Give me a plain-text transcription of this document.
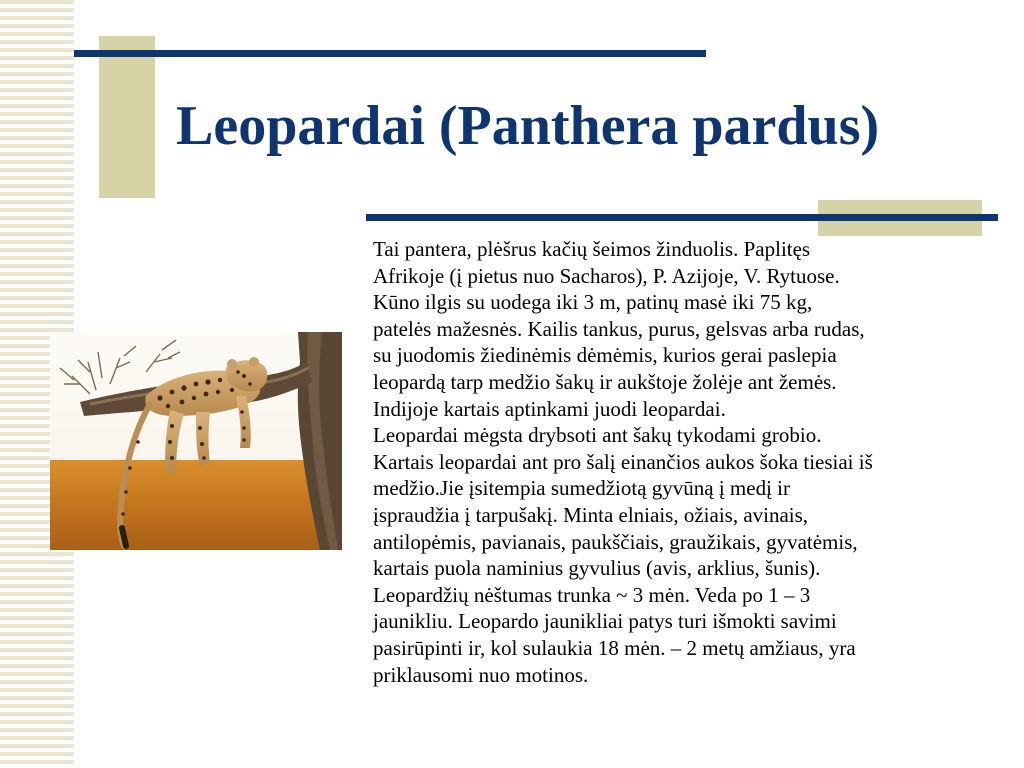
Leopardai (Panthera pardus)
Tai pantera, plėšrus kačių šeimos žinduolis. Paplitęs
Afrikoje (į pietus nuo Sacharos), P. Azijoje, V. Rytuose.
Kūno ilgis su uodega iki 3 m, patinų masė iki 75 kg,
patelės mažesnės. Kailis tankus, purus, gelsvas arba rudas,
su juodomis žiedinėmis dėmėmis, kurios gerai paslepia
leopardą tarp medžio šakų ir aukštoje žolėje ant žemės.
Indijoje kartais aptinkami juodi leopardai.
Leopardai mėgsta drybsoti ant šakų tykodami grobio.
Kartais leopardai ant pro šalį einančios aukos šoka tiesiai iš
medžio.Jie įsitempia sumedžiotą gyvūną į medį ir
įspraudžia į tarpušakį. Minta elniais, ožiais, avinais,
antilopėmis, pavianais, paukščiais, graužikais, gyvatėmis,
kartais puola naminius gyvulius (avis, arklius, šunis).
Leopardžių nėštumas trunka ~ 3 mėn. Veda po 1 – 3
jaunikliu. Leopardo jaunikliai patys turi išmokti savimi
pasirūpinti ir, kol sulaukia 18 mėn. – 2 metų amžiaus, yra
priklausomi nuo motinos.
